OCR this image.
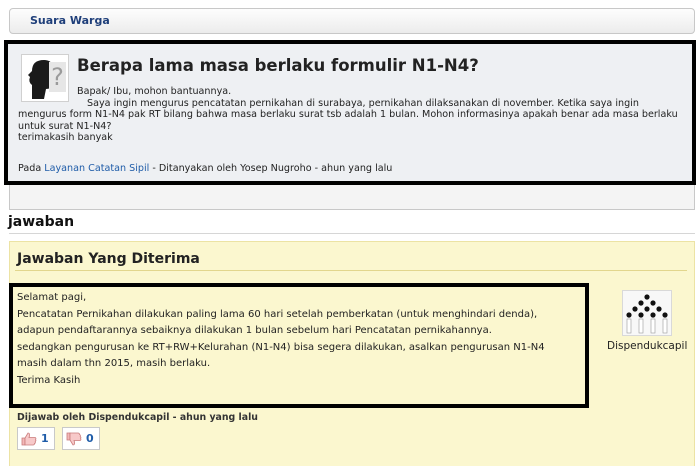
Suara Warga
? Berapa lama masa berlaku formulir N1-N4?
Bapak/ Ibu, mohon bantuannya.
Saya ingin mengurus pencatatan pernikahan di surabaya, pernikahan dilaksanakan di november. Ketika saya ingin mengurus form N1-N4 pak RT bilang bahwa masa berlaku surat tsb adalah 1 bulan. Mohon informasinya apakah benar ada masa berlaku untuk surat N1-N4?
terimakasih banyak
Pada Layanan Catatan Sipil - Ditanyakan oleh Yosep Nugroho - ahun yang lalu
jawaban
Jawaban Yang Diterima
Selamat pagi,
Pencatatan Pernikahan dilakukan paling lama 60 hari setelah pemberkatan (untuk menghindari denda),
adapun pendaftarannya sebaiknya dilakukan 1 bulan sebelum hari Pencatatan pernikahannya.
sedangkan pengurusan ke RT+RW+Kelurahan (N1-N4) bisa segera dilakukan, asalkan pengurusan N1-N4
masih dalam thn 2015, masih berlaku.
Terima Kasih
Dispendukcapil
Dijawab oleh Dispendukcapil - ahun yang lalu
1	0
